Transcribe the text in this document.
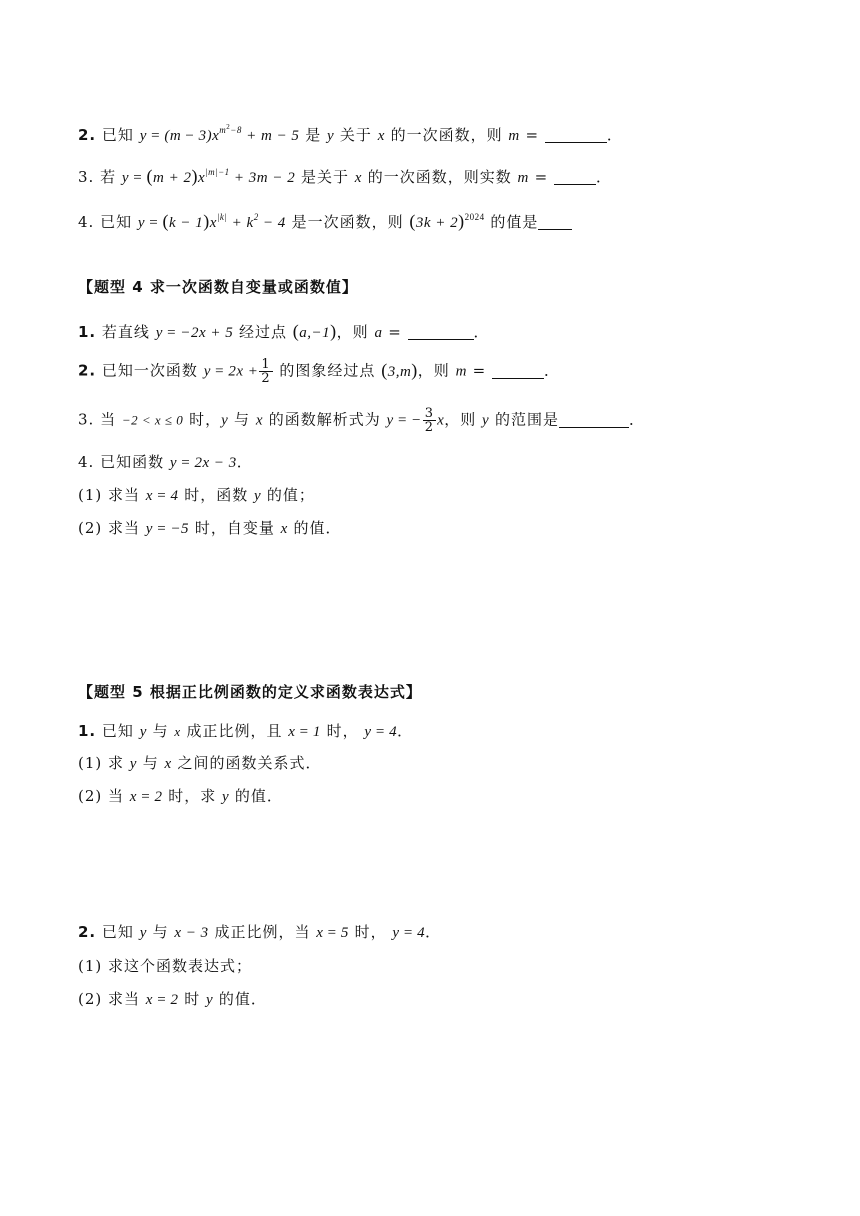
2. 已知 $y = (m - 3)x^{m^2-8} + m - 5$ 是 y 关于 x 的一次函数，则 m =	．
3. 若 $y = (m + 2)x^{|m|-1} + 3m - 2$ 是关于 x 的一次函数，则实数 m =	．
4. 已知 $y = (k - 1)x^{|k|} + k^2 - 4$ 是一次函数，则 $(3k + 2)^{2024}$ 的值是
【题型 4 求一次函数自变量或函数值】
1. 若直线 y = −2x + 5 经过点 (a,−1)，则 a =	．
2. 已知一次函数 $y = 2x + \frac{1}{2}$ 的图象经过点 (3,m)，则 m =	．
3. 当 −2 < x ≤ 0 时，y 与 x 的函数解析式为 y = − $\frac{3}{2}$ x，则 y 的范围是	．
4. 已知函数 y = 2x − 3．
(1) 求当 x = 4 时，函数 y 的值；
(2) 求当 y = −5 时，自变量 x 的值．
【题型 5 根据正比例函数的定义求函数表达式】
1. 已知 y 与 x 成正比例，且 x = 1 时， y = 4．
(1) 求 y 与 x 之间的函数关系式．
(2) 当 x = 2 时，求 y 的值．
2. 已知 y 与 x − 3 成正比例，当 x = 5 时， y = 4．
(1) 求这个函数表达式；
(2) 求当 x = 2 时 y 的值．
